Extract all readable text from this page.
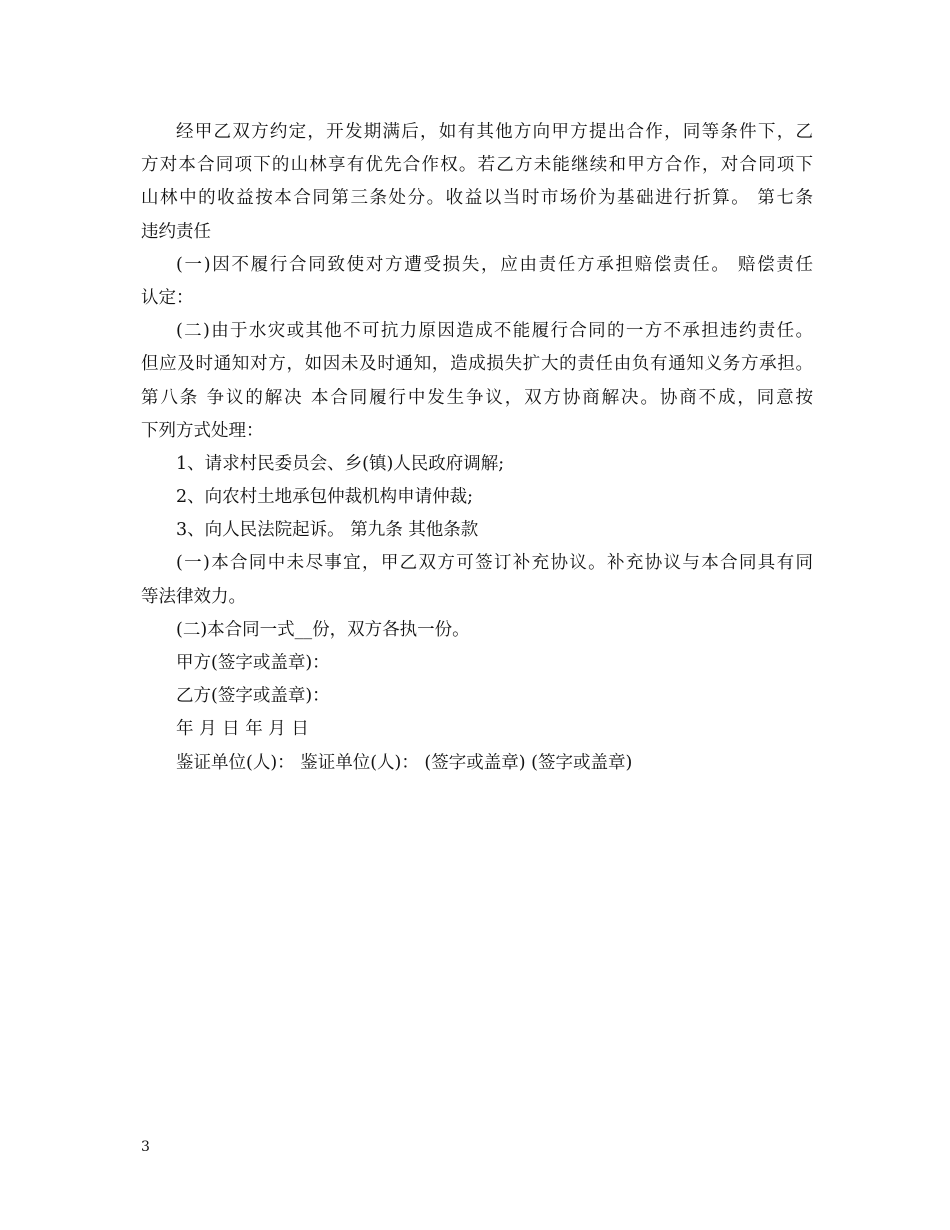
经甲乙双方约定，开发期满后，如有其他方向甲方提出合作，同等条件下，乙
方对本合同项下的山林享有优先合作权。若乙方未能继续和甲方合作，对合同项下
山林中的收益按本合同第三条处分。收益以当时市场价为基础进行折算。 第七条
违约责任
(一)因不履行合同致使对方遭受损失，应由责任方承担赔偿责任。 赔偿责任
认定：
(二)由于水灾或其他不可抗力原因造成不能履行合同的一方不承担违约责任。
但应及时通知对方，如因未及时通知，造成损失扩大的责任由负有通知义务方承担。
第八条 争议的解决 本合同履行中发生争议，双方协商解决。协商不成，同意按
下列方式处理：
1、请求村民委员会、乡(镇)人民政府调解;
2、向农村土地承包仲裁机构申请仲裁;
3、向人民法院起诉。 第九条 其他条款
(一)本合同中未尽事宜，甲乙双方可签订补充协议。补充协议与本合同具有同
等法律效力。
(二)本合同一式__份，双方各执一份。
甲方(签字或盖章)：
乙方(签字或盖章)：
年 月 日 年 月 日
鉴证单位(人)： 鉴证单位(人)： (签字或盖章) (签字或盖章)
3
